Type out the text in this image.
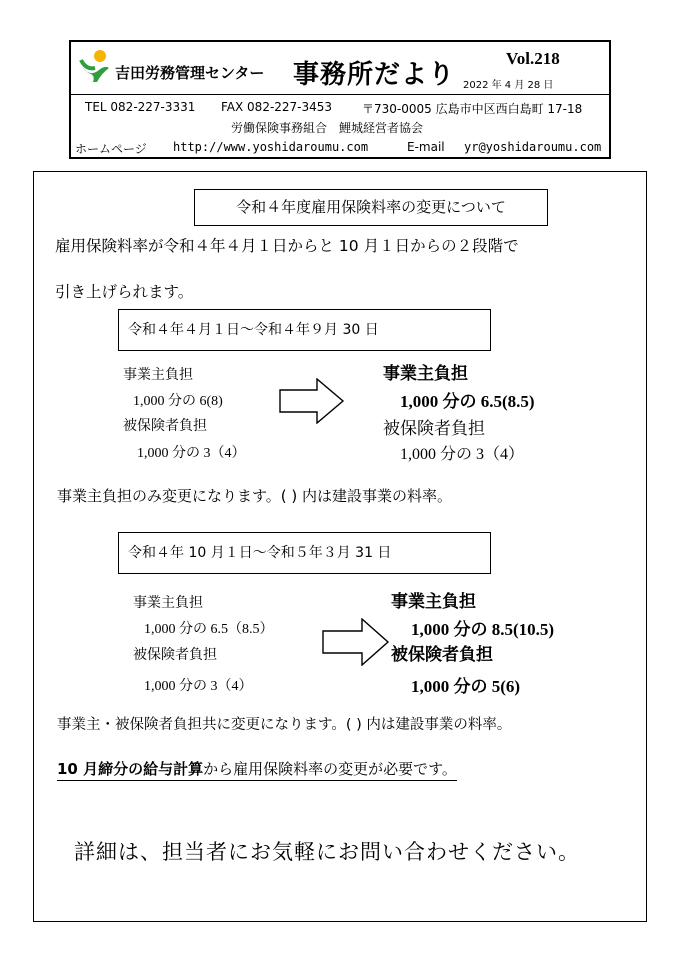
吉田労務管理センター 事務所だより
Vol.218
2022 年 4 月 28 日
TEL 082-227-3331 FAX 082-227-3453 〒730-0005 広島市中区西白島町 17-18
労働保険事務組合　鯉城経営者協会
ホームページ http://www.yoshidaroumu.com	E-mail yr@yoshidaroumu.com
令和４年度雇用保険料率の変更について
雇用保険料率が令和４年４月１日からと 10 月１日からの２段階で
引き上げられます。
令和４年４月１日～令和４年９月 30 日
事業主負担
1,000 分の 6(8)
被保険者負担
1,000 分の 3（4）
事業主負担
1,000 分の 6.5(8.5)
被保険者負担
1,000 分の 3（4）
事業主負担のみ変更になります。( ) 内は建設事業の料率。
令和４年 10 月１日～令和５年３月 31 日
事業主負担
1,000 分の 6.5（8.5）
被保険者負担
1,000 分の 3（4）
事業主負担
1,000 分の 8.5(10.5)
被保険者負担
1,000 分の 5(6)
事業主・被保険者負担共に変更になります。( ) 内は建設事業の料率。
10 月締分の給与計算から雇用保険料率の変更が必要です。
詳細は、担当者にお気軽にお問い合わせください。
